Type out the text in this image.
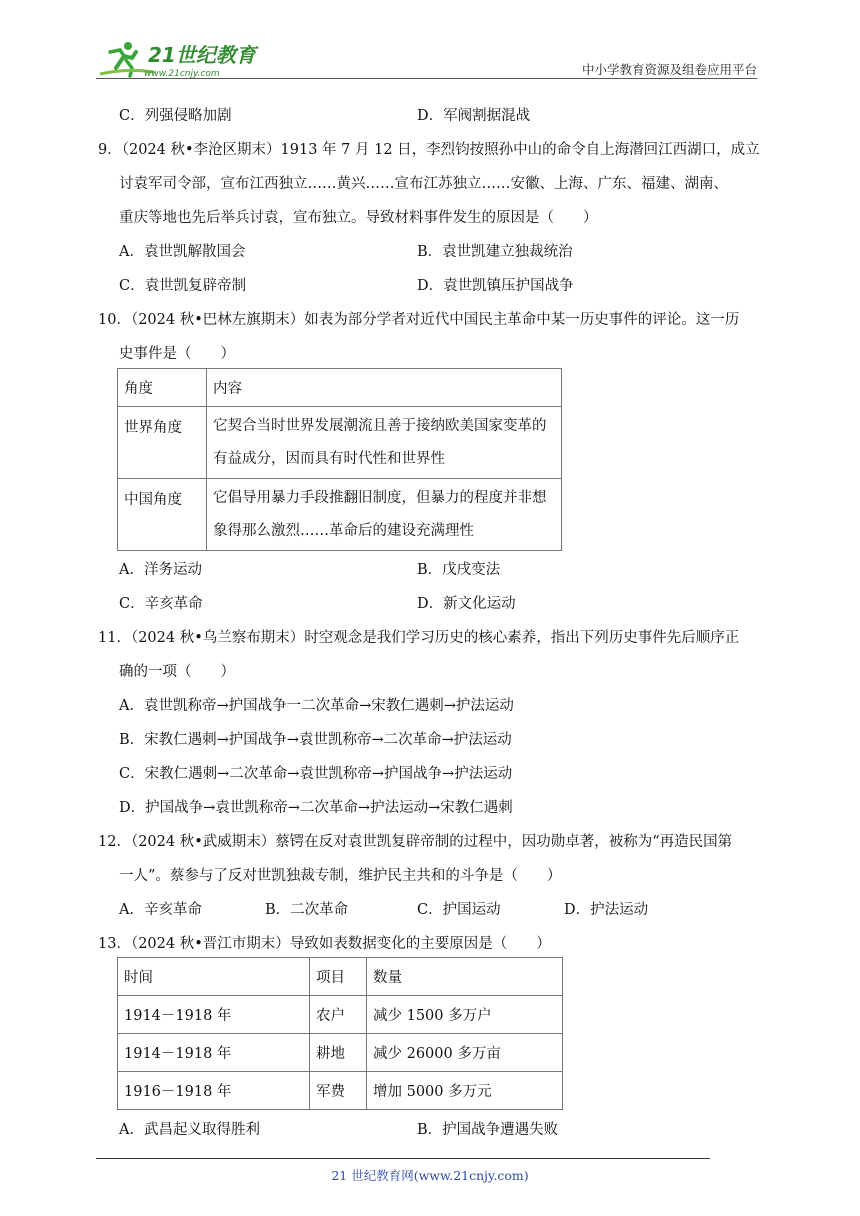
21世纪教育
www.21cnjy.com	中小学教育资源及组卷应用平台
C．列强侵略加剧	D．军阀割据混战
9．（2024 秋•李沧区期末）1913 年 7 月 12 日，李烈钧按照孙中山的命令自上海潜回江西湖口，成立
讨袁军司令部，宣布江西独立……黄兴……宣布江苏独立……安徽、上海、广东、福建、湖南、
重庆等地也先后举兵讨袁，宣布独立。导致材料事件发生的原因是（　　）
A．袁世凯解散国会	B．袁世凯建立独裁统治
C．袁世凯复辟帝制	D．袁世凯镇压护国战争
10．（2024 秋•巴林左旗期末）如表为部分学者对近代中国民主革命中某一历史事件的评论。这一历
史事件是（　　）
角度	内容
世界角度	它契合当时世界发展潮流且善于接纳欧美国家变革的
有益成分，因而具有时代性和世界性

中国角度	它倡导用暴力手段推翻旧制度，但暴力的程度并非想
象得那么激烈……革命后的建设充满理性
A．洋务运动	B．戊戌变法
C．辛亥革命	D．新文化运动
11．（2024 秋•乌兰察布期末）时空观念是我们学习历史的核心素养，指出下列历史事件先后顺序正
确的一项（　　）
A．袁世凯称帝→护国战争一二次革命→宋教仁遇刺→护法运动
B．宋教仁遇刺→护国战争→袁世凯称帝→二次革命→护法运动
C．宋教仁遇刺→二次革命→袁世凯称帝→护国战争→护法运动
D．护国战争→袁世凯称帝→二次革命→护法运动→宋教仁遇刺
12．（2024 秋•武威期末）蔡锷在反对袁世凯复辟帝制的过程中，因功勋卓著，被称为“再造民国第
一人”。蔡参与了反对世凯独裁专制，维护民主共和的斗争是（　　）
A．辛亥革命	B．二次革命	C．护国运动	D．护法运动
13．（2024 秋•晋江市期末）导致如表数据变化的主要原因是（　　）
时间	项目	数量
1914－1918 年	农户	减少 1500 多万户
1914－1918 年	耕地	减少 26000 多万亩
1916－1918 年	军费	增加 5000 多万元
A．武昌起义取得胜利	B．护国战争遭遇失败
21 世纪教育网(www.21cnjy.com)
